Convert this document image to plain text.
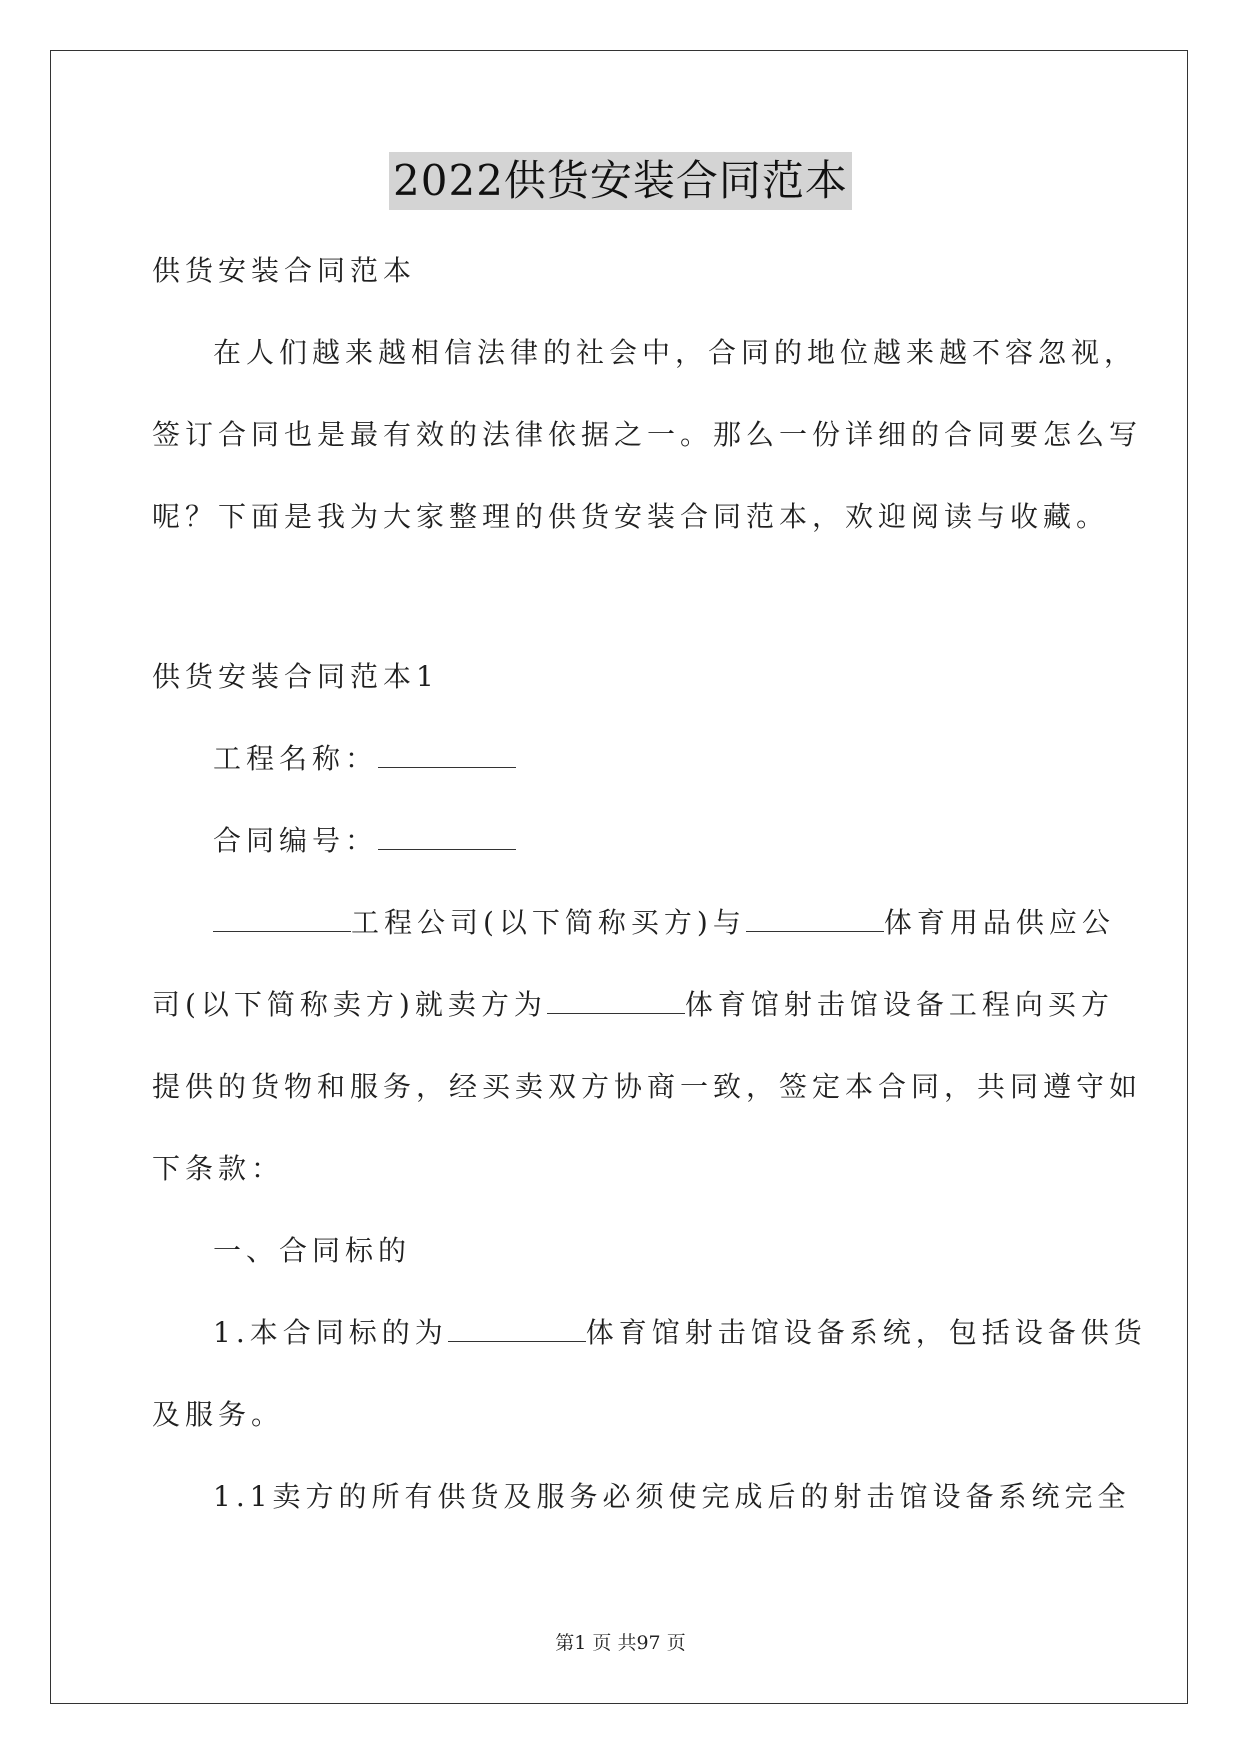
2022供货安装合同范本
供货安装合同范本
在人们越来越相信法律的社会中，合同的地位越来越不容忽视，
签订合同也是最有效的法律依据之一。那么一份详细的合同要怎么写
呢？下面是我为大家整理的供货安装合同范本，欢迎阅读与收藏。
供货安装合同范本1
工程名称：
合同编号：
工程公司(以下简称买方)与	体育用品供应公
司(以下简称卖方)就卖方为	体育馆射击馆设备工程向买方
提供的货物和服务，经买卖双方协商一致，签定本合同，共同遵守如
下条款：
一、合同标的
1.本合同标的为	体育馆射击馆设备系统，包括设备供货
及服务。
1.1卖方的所有供货及服务必须使完成后的射击馆设备系统完全
第1 页 共97 页
